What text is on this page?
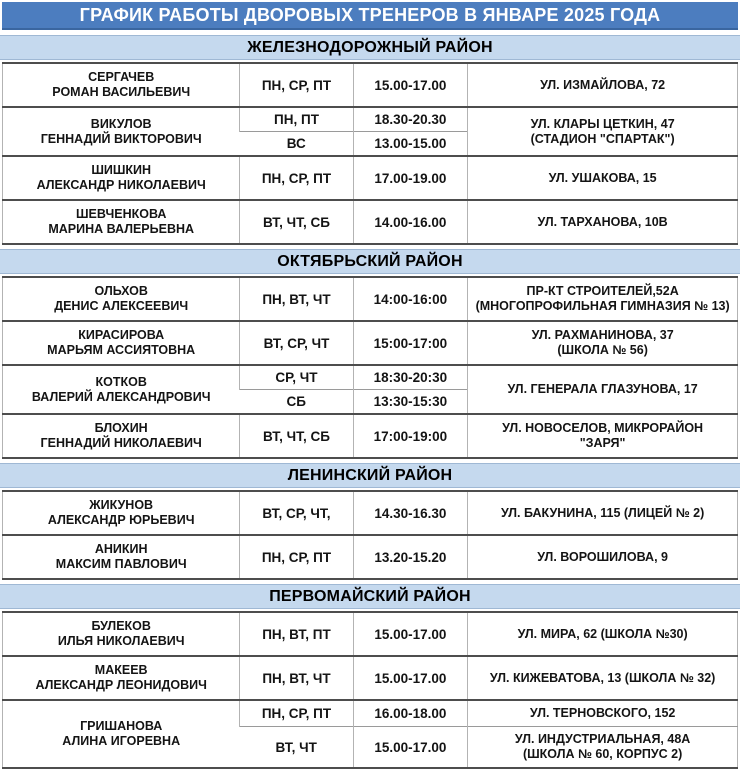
ГРАФИК РАБОТЫ ДВОРОВЫХ ТРЕНЕРОВ В ЯНВАРЕ 2025 ГОДА
ЖЕЛЕЗНОДОРОЖНЫЙ РАЙОН
СЕРГАЧЕВ
РОМАН ВАСИЛЬЕВИЧ	ПН, СР, ПТ	15.00-17.00	УЛ. ИЗМАЙЛОВА, 72

ВИКУЛОВ
ГЕННАДИЙ ВИКТОРОВИЧ
	ПН, ПТ	18.30-20.30	УЛ. КЛАРЫ ЦЕТКИН, 47
(СТАДИОН "СПАРТАК")

	ВС	13.00-15.00	

ШИШКИН
АЛЕКСАНДР НИКОЛАЕВИЧ	ПН, СР, ПТ	17.00-19.00	УЛ. УШАКОВА, 15

ШЕВЧЕНКОВА
МАРИНА ВАЛЕРЬЕВНА	ВТ, ЧТ, СБ	14.00-16.00	УЛ. ТАРХАНОВА, 10В
ОКТЯБРЬСКИЙ РАЙОН
ОЛЬХОВ
ДЕНИС АЛЕКСЕЕВИЧ	ПН, ВТ, ЧТ	14:00-16:00	
ПР-КТ СТРОИТЕЛЕЙ,52А
(МНОГОПРОФИЛЬНАЯ ГИМНАЗИЯ № 13)

КИРАСИРОВА
МАРЬЯМ АССИЯТОВНА	ВТ, СР, ЧТ	15:00-17:00	
УЛ. РАХМАНИНОВА, 37
(ШКОЛА № 56)

КОТКОВ
ВАЛЕРИЙ АЛЕКСАНДРОВИЧ	СР, ЧТ	18:30-20:30	УЛ. ГЕНЕРАЛА ГЛАЗУНОВА, 17

	СБ	13:30-15:30	

БЛОХИН
ГЕННАДИЙ НИКОЛАЕВИЧ	ВТ, ЧТ, СБ	17:00-19:00	
УЛ. НОВОСЕЛОВ, МИКРОРАЙОН
"ЗАРЯ"
ЛЕНИНСКИЙ РАЙОН
ЖИКУНОВ
АЛЕКСАНДР ЮРЬЕВИЧ	ВТ, СР, ЧТ,	14.30-16.30	УЛ. БАКУНИНА, 115 (ЛИЦЕЙ № 2)

АНИКИН
МАКСИМ ПАВЛОВИЧ	ПН, СР, ПТ	13.20-15.20	УЛ. ВОРОШИЛОВА, 9
ПЕРВОМАЙСКИЙ РАЙОН
БУЛЕКОВ
ИЛЬЯ НИКОЛАЕВИЧ	ПН, ВТ, ПТ	15.00-17.00	УЛ. МИРА, 62 (ШКОЛА №30)

МАКЕЕВ
АЛЕКСАНДР ЛЕОНИДОВИЧ	ПН, ВТ, ЧТ	15.00-17.00	УЛ. КИЖЕВАТОВА, 13 (ШКОЛА № 32)

ГРИШАНОВА
АЛИНА ИГОРЕВНА	ПН, СР, ПТ	16.00-18.00	УЛ. ТЕРНОВСКОГО, 152

	ВТ, ЧТ	15.00-17.00	УЛ. ИНДУСТРИАЛЬНАЯ, 48А
(ШКОЛА № 60, КОРПУС 2)
